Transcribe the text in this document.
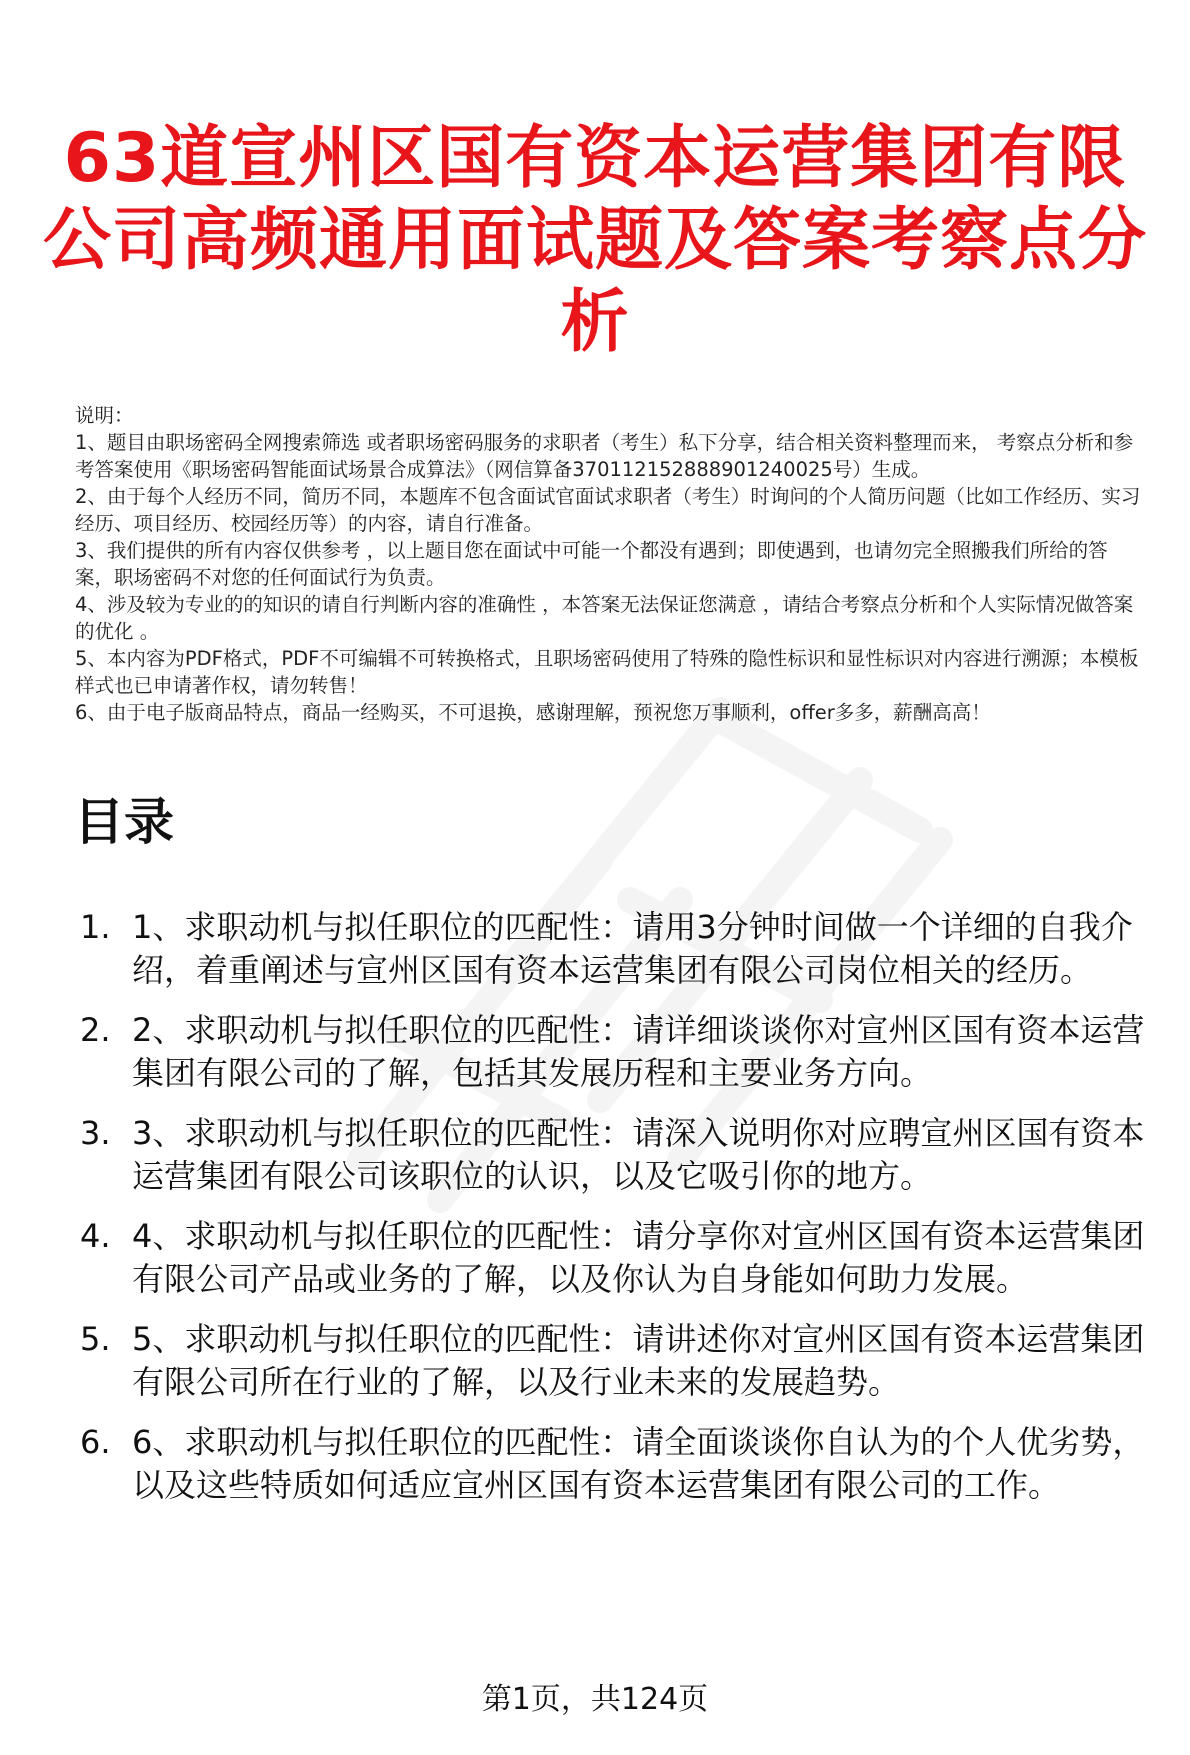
63道宣州区国有资本运营集团有限公司高频通用面试题及答案考察点分析
说明：
1、题目由职场密码全网搜索筛选 或者职场密码服务的求职者（考生）私下分享，结合相关资料整理而来， 考察点分析和参考答案使用《职场密码智能面试场景合成算法》（网信算备370112152888901240025号）生成。
2、由于每个人经历不同，简历不同，本题库不包含面试官面试求职者（考生）时询问的个人简历问题（比如工作经历、实习经历、项目经历、校园经历等）的内容，请自行准备。
3、我们提供的所有内容仅供参考 ，以上题目您在面试中可能一个都没有遇到；即使遇到，也请勿完全照搬我们所给的答案，职场密码不对您的任何面试行为负责。
4、涉及较为专业的的知识的请自行判断内容的准确性 ，本答案无法保证您满意 ，请结合考察点分析和个人实际情况做答案的优化 。
5、本内容为PDF格式，PDF不可编辑不可转换格式，且职场密码使用了特殊的隐性标识和显性标识对内容进行溯源；本模板样式也已申请著作权，请勿转售！
6、由于电子版商品特点，商品一经购买，不可退换，感谢理解，预祝您万事顺利，offer多多，薪酬高高！
目录
1. 1、求职动机与拟任职位的匹配性：请用3分钟时间做一个详细的自我介绍，着重阐述与宣州区国有资本运营集团有限公司岗位相关的经历。
2. 2、求职动机与拟任职位的匹配性：请详细谈谈你对宣州区国有资本运营集团有限公司的了解，包括其发展历程和主要业务方向。
3. 3、求职动机与拟任职位的匹配性：请深入说明你对应聘宣州区国有资本运营集团有限公司该职位的认识，以及它吸引你的地方。
4. 4、求职动机与拟任职位的匹配性：请分享你对宣州区国有资本运营集团有限公司产品或业务的了解，以及你认为自身能如何助力发展。
5. 5、求职动机与拟任职位的匹配性：请讲述你对宣州区国有资本运营集团有限公司所在行业的了解，以及行业未来的发展趋势。
6. 6、求职动机与拟任职位的匹配性：请全面谈谈你自认为的个人优劣势，以及这些特质如何适应宣州区国有资本运营集团有限公司的工作。
第1页，共124页
